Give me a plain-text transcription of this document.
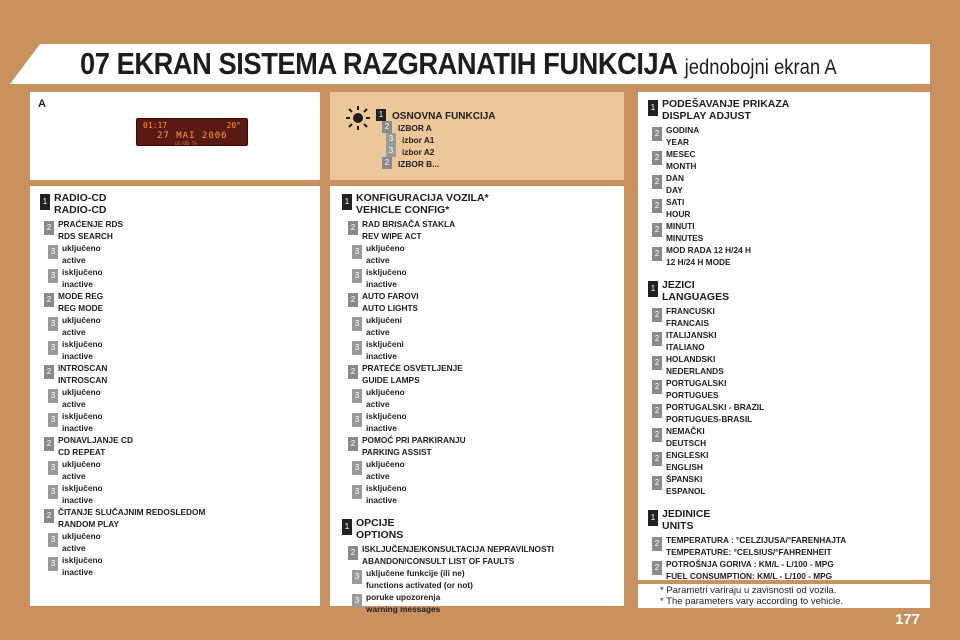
07 EKRAN SISTEMA RAZGRANATIH FUNKCIJA jednobojni ekran A
A
01:17	20°
27 MAI 2006
LR RRD TA
1 OSNOVNA FUNKCIJA
2	IZBOR A
3	izbor A1
3	izbor A2
2	IZBOR B...
1 RADIO-CD
RADIO-CD
2 PRAĆENJE RDS
RDS SEARCH
3 uključeno
active
3 isključeno
inactive
2 MODE REG
REG MODE
3 uključeno
active
3 isključeno
inactive
2 INTROSCAN
INTROSCAN
3 uključeno
active
3 isključeno
inactive
2 PONAVLJANJE CD
CD REPEAT
3 uključeno
active
3 isključeno
inactive
2 ČITANJE SLUČAJNIM REDOSLEDOM
RANDOM PLAY
3 uključeno
active
3 isključeno
inactive
1 KONFIGURACIJA VOZILA*
VEHICLE CONFIG*
2 RAD BRISAČA STAKLA
REV WIPE ACT
3 uključeno
active
3 isključeno
inactive
2 AUTO FAROVI
AUTO LIGHTS
3 uključeni
active
3 isključeni
inactive
2 PRATEĆE OSVETLJENJE
GUIDE LAMPS
3 uključeno
active
3 isključeno
inactive
2 POMOĆ PRI PARKIRANJU
PARKING ASSIST
3 uključeno
active
3 isključeno
inactive
1 OPCIJE
OPTIONS
2 ISKLJUČENJE/KONSULTACIJA NEPRAVILNOSTI
ABANDON/CONSULT LIST OF FAULTS
3 uključene funkcije (ili ne)
functions activated (or not)
3 poruke upozorenja
warning messages
1 PODEŠAVANJE PRIKAZA
DISPLAY ADJUST
2 GODINA
YEAR
2 MESEC
MONTH
2 DAN
DAY
2 SATI
HOUR
2 MINUTI
MINUTES
2 MOD RADA 12 H/24 H
12 H/24 H MODE
1 JEZICI
LANGUAGES
2 FRANCUSKI
FRANCAIS
2 ITALIJANSKI
ITALIANO
2 HOLANDSKI
NEDERLANDS
2 PORTUGALSKI
PORTUGUES
2 PORTUGALSKI - BRAZIL
PORTUGUES-BRASIL
2 NEMAČKI
DEUTSCH
2 ENGLESKI
ENGLISH
2 ŠPANSKI
ESPANOL
1 JEDINICE
UNITS
2 TEMPERATURA : °CELZIJUSA/°FARENHAJTA
TEMPERATURE: °CELSIUS/°FAHRENHEIT
2 POTROŠNJA GORIVA : KM/L - L/100 - MPG
FUEL CONSUMPTION: KM/L - L/100 - MPG
* Parametri variraju u zavisnosti od vozila.
* The parameters vary according to vehicle.
177
